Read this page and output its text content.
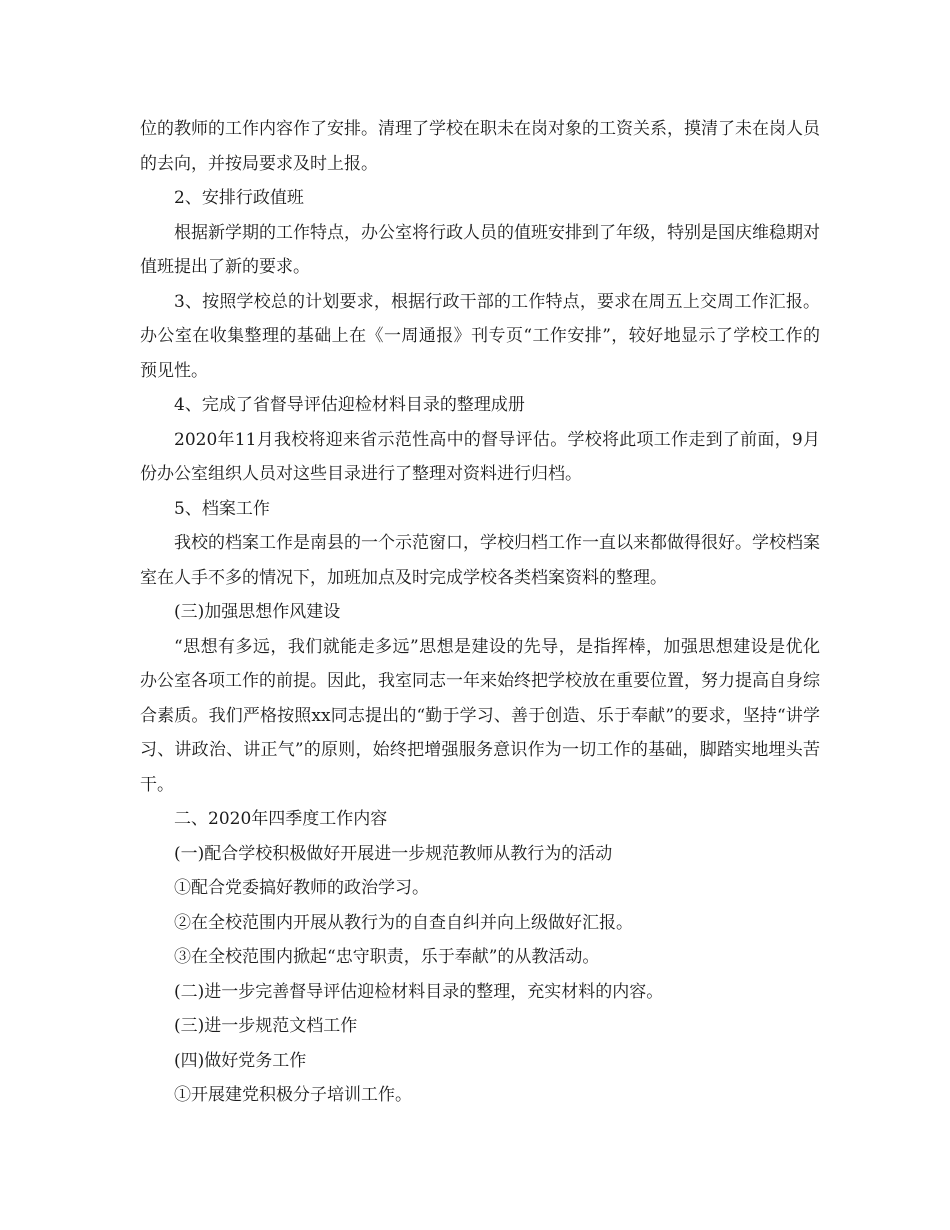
位的教师的工作内容作了安排。清理了学校在职未在岗对象的工资关系，摸清了未在岗人员的去向，并按局要求及时上报。

2、安排行政值班

根据新学期的工作特点，办公室将行政人员的值班安排到了年级，特别是国庆维稳期对值班提出了新的要求。

3、按照学校总的计划要求，根据行政干部的工作特点，要求在周五上交周工作汇报。办公室在收集整理的基础上在《一周通报》刊专页“工作安排”，较好地显示了学校工作的预见性。

4、完成了省督导评估迎检材料目录的整理成册

2020年11月我校将迎来省示范性高中的督导评估。学校将此项工作走到了前面，9月份办公室组织人员对这些目录进行了整理对资料进行归档。

5、档案工作

我校的档案工作是南县的一个示范窗口，学校归档工作一直以来都做得很好。学校档案室在人手不多的情况下，加班加点及时完成学校各类档案资料的整理。

(三)加强思想作风建设

“思想有多远，我们就能走多远”思想是建设的先导，是指挥棒，加强思想建设是优化办公室各项工作的前提。因此，我室同志一年来始终把学校放在重要位置，努力提高自身综合素质。我们严格按照xx同志提出的“勤于学习、善于创造、乐于奉献”的要求，坚持“讲学习、讲政治、讲正气”的原则，始终把增强服务意识作为一切工作的基础，脚踏实地埋头苦干。

二、2020年四季度工作内容

(一)配合学校积极做好开展进一步规范教师从教行为的活动

①配合党委搞好教师的政治学习。

②在全校范围内开展从教行为的自查自纠并向上级做好汇报。

③在全校范围内掀起“忠守职责，乐于奉献”的从教活动。

(二)进一步完善督导评估迎检材料目录的整理，充实材料的内容。

(三)进一步规范文档工作

(四)做好党务工作

①开展建党积极分子培训工作。
